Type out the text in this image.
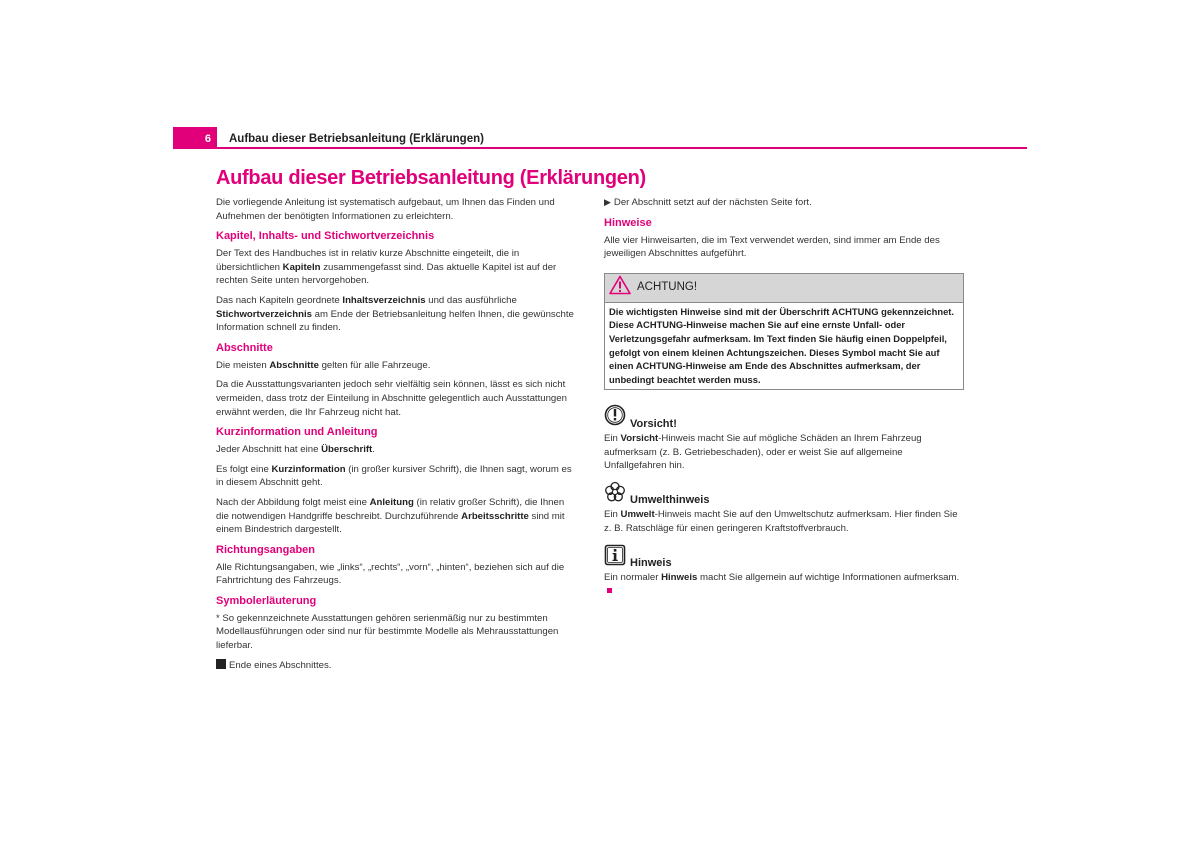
6	Aufbau dieser Betriebsanleitung (Erklärungen)
Aufbau dieser Betriebsanleitung (Erklärungen)

Die vorliegende Anleitung ist systematisch aufgebaut, um Ihnen das Finden und Aufnehmen der benötigten Informationen zu erleichtern.

Kapitel, Inhalts- und Stichwortverzeichnis

Der Text des Handbuches ist in relativ kurze Abschnitte eingeteilt, die in übersichtlichen Kapiteln zusammengefasst sind. Das aktuelle Kapitel ist auf der rechten Seite unten hervorgehoben.

Das nach Kapiteln geordnete Inhaltsverzeichnis und das ausführliche Stichwortverzeichnis am Ende der Betriebsanleitung helfen Ihnen, die gewünschte Information schnell zu finden.

Abschnitte

Die meisten Abschnitte gelten für alle Fahrzeuge.

Da die Ausstattungsvarianten jedoch sehr vielfältig sein können, lässt es sich nicht vermeiden, dass trotz der Einteilung in Abschnitte gelegentlich auch Ausstattungen erwähnt werden, die Ihr Fahrzeug nicht hat.

Kurzinformation und Anleitung

Jeder Abschnitt hat eine Überschrift.

Es folgt eine Kurzinformation (in großer kursiver Schrift), die Ihnen sagt, worum es in diesem Abschnitt geht.

Nach der Abbildung folgt meist eine Anleitung (in relativ großer Schrift), die Ihnen die notwendigen Handgriffe beschreibt. Durchzuführende Arbeitsschritte sind mit einem Bindestrich dargestellt.

Richtungsangaben

Alle Richtungsangaben, wie „links“, „rechts“, „vorn“, „hinten“, beziehen sich auf die Fahrtrichtung des Fahrzeugs.

Symbolerläuterung

* So gekennzeichnete Ausstattungen gehören serienmäßig nur zu bestimmten Modellausführungen oder sind nur für bestimmte Modelle als Mehrausstattungen lieferbar.

Ende eines Abschnittes.

▶ Der Abschnitt setzt auf der nächsten Seite fort.

Hinweise

Alle vier Hinweisarten, die im Text verwendet werden, sind immer am Ende des jeweiligen Abschnittes aufgeführt.

ACHTUNG!
Die wichtigsten Hinweise sind mit der Überschrift ACHTUNG gekennzeichnet. Diese ACHTUNG-Hinweise machen Sie auf eine ernste Unfall- oder Verletzungsgefahr aufmerksam. Im Text finden Sie häufig einen Doppelpfeil, gefolgt von einem kleinen Achtungszeichen. Dieses Symbol macht Sie auf einen ACHTUNG-Hinweise am Ende des Abschnittes aufmerksam, der unbedingt beachtet werden muss.
Vorsicht!

Ein Vorsicht-Hinweis macht Sie auf mögliche Schäden an Ihrem Fahrzeug aufmerksam (z. B. Getriebeschaden), oder er weist Sie auf allgemeine Unfallgefahren hin.

Umwelthinweis

Ein Umwelt-Hinweis macht Sie auf den Umweltschutz aufmerksam. Hier finden Sie z. B. Ratschläge für einen geringeren Kraftstoffverbrauch.

Hinweis

Ein normaler Hinweis macht Sie allgemein auf wichtige Informationen aufmerksam.
